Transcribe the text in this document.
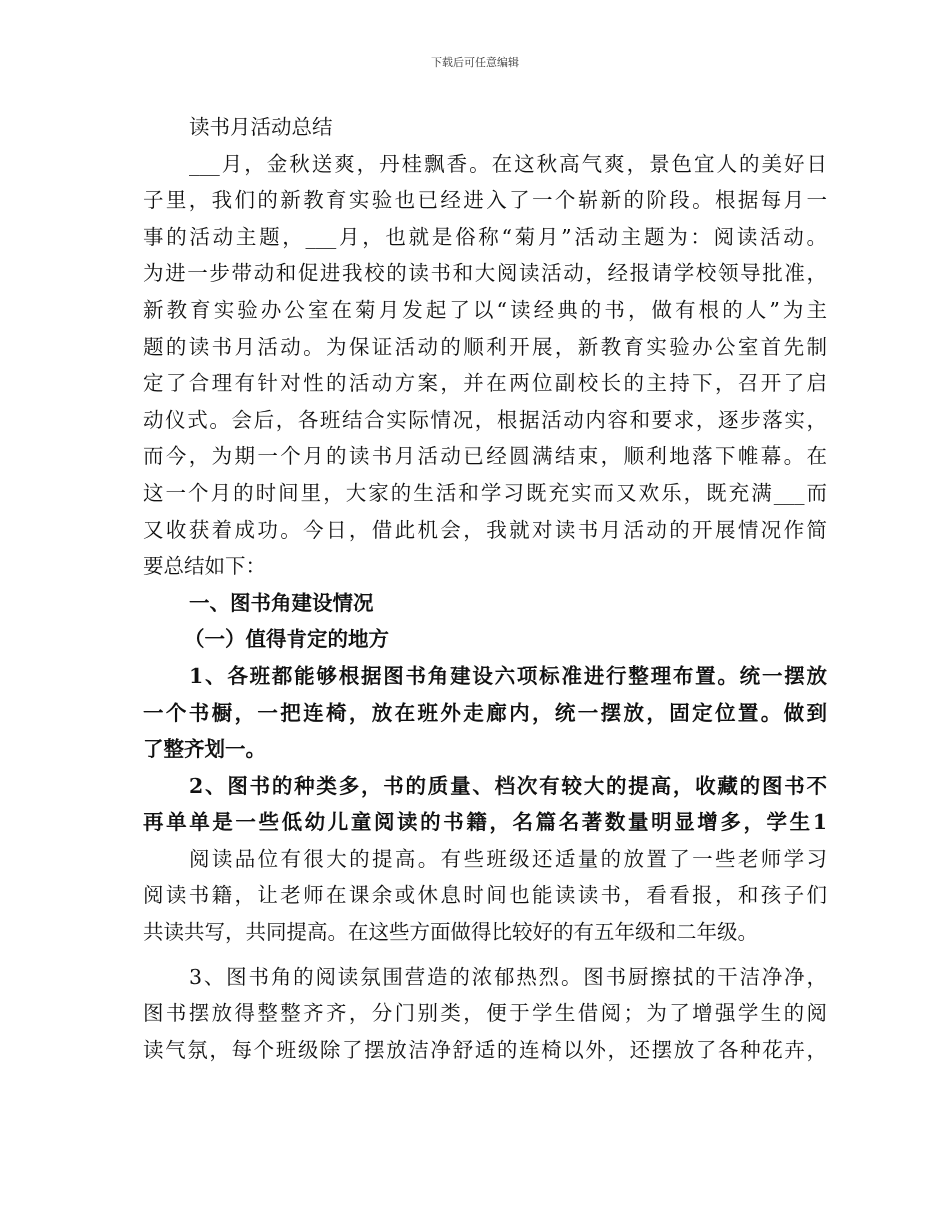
下载后可任意编辑
读书月活动总结
___月，金秋送爽，丹桂飘香。在这秋高气爽，景色宜人的美好日
子里，我们的新教育实验也已经进入了一个崭新的阶段。根据每月一
事的活动主题，___月，也就是俗称“菊月”活动主题为：阅读活动。
为进一步带动和促进我校的读书和大阅读活动，经报请学校领导批准，
新教育实验办公室在菊月发起了以“读经典的书，做有根的人”为主
题的读书月活动。为保证活动的顺利开展，新教育实验办公室首先制
定了合理有针对性的活动方案，并在两位副校长的主持下，召开了启
动仪式。会后，各班结合实际情况，根据活动内容和要求，逐步落实，
而今，为期一个月的读书月活动已经圆满结束，顺利地落下帷幕。在
这一个月的时间里，大家的生活和学习既充实而又欢乐，既充满___而
又收获着成功。今日，借此机会，我就对读书月活动的开展情况作简
要总结如下：
一、图书角建设情况
（一）值得肯定的地方
1、各班都能够根据图书角建设六项标准进行整理布置。统一摆放
一个书橱，一把连椅，放在班外走廊内，统一摆放，固定位置。做到
了整齐划一。
2、图书的种类多，书的质量、档次有较大的提高，收藏的图书不
再单单是一些低幼儿童阅读的书籍，名篇名著数量明显增多，学生1
阅读品位有很大的提高。有些班级还适量的放置了一些老师学习
阅读书籍，让老师在课余或休息时间也能读读书，看看报，和孩子们
共读共写，共同提高。在这些方面做得比较好的有五年级和二年级。
3、图书角的阅读氛围营造的浓郁热烈。图书厨擦拭的干洁净净，
图书摆放得整整齐齐，分门别类，便于学生借阅；为了增强学生的阅
读气氛，每个班级除了摆放洁净舒适的连椅以外，还摆放了各种花卉，
